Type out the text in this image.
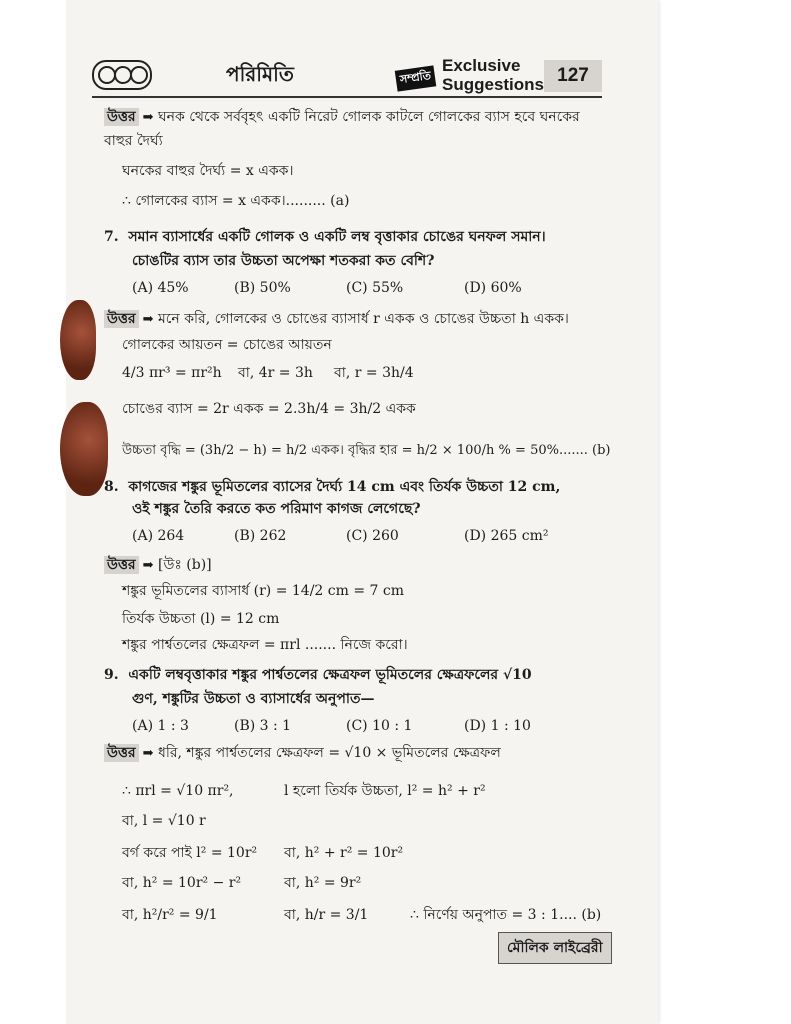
পরিমিতি	সম্প্রতি
Exclusive
Suggestions 127
উত্তর ➡ ঘনক থেকে সর্ববৃহৎ একটি নিরেট গোলক কাটলে গোলকের ব্যাস হবে ঘনকের
বাহুর দৈর্ঘ্য
ঘনকের বাহুর দৈর্ঘ্য = x একক।
∴ গোলকের ব্যাস = x একক।......... (a)
7. সমান ব্যাসার্ধের একটি গোলক ও একটি লম্ব বৃত্তাকার চোঙের ঘনফল সমান।
চোঙটির ব্যাস তার উচ্চতা অপেক্ষা শতকরা কত বেশি?
(A) 45%	(B) 50%	(C) 55%	(D) 60%
উত্তর ➡ মনে করি, গোলকের ও চোঙের ব্যাসার্ধ r একক ও চোঙের উচ্চতা h একক।
গোলকের আয়তন = চোঙের আয়তন
4/3 πr³ = πr²h বা, 4r = 3h বা, r = 3h/4
চোঙের ব্যাস = 2r একক = 2.3h/4 = 3h/2 একক
উচ্চতা বৃদ্ধি = (3h/2 − h) = h/2 একক। বৃদ্ধির হার = h/2 × 100/h % = 50%....... (b)
8. কাগজের শঙ্কুর ভূমিতলের ব্যাসের দৈর্ঘ্য 14 cm এবং তির্যক উচ্চতা 12 cm,
ওই শঙ্কুর তৈরি করতে কত পরিমাণ কাগজ লেগেছে?
(A) 264	(B) 262	(C) 260	(D) 265 cm²
উত্তর ➡ [উঃ (b)]
শঙ্কুর ভূমিতলের ব্যাসার্ধ (r) = 14/2 cm = 7 cm
তির্যক উচ্চতা (l) = 12 cm
শঙ্কুর পার্শ্বতলের ক্ষেত্রফল = πrl ....... নিজে করো।
9. একটি লম্ববৃত্তাকার শঙ্কুর পার্শ্বতলের ক্ষেত্রফল ভূমিতলের ক্ষেত্রফলের √10
গুণ, শঙ্কুটির উচ্চতা ও ব্যাসার্ধের অনুপাত—
(A) 1 : 3	(B) 3 : 1	(C) 10 : 1	(D) 1 : 10
উত্তর ➡ ধরি, শঙ্কুর পার্শ্বতলের ক্ষেত্রফল = √10 × ভূমিতলের ক্ষেত্রফল
∴ πrl = √10 πr²,	l হলো তির্যক উচ্চতা, l² = h² + r²
বা, l = √10 r
বর্গ করে পাই l² = 10r² বা, h² + r² = 10r²
বা, h² = 10r² − r²	বা, h² = 9r²
বা, h²/r² = 9/1	বা, h/r = 3/1	∴ নির্ণেয় অনুপাত = 3 : 1.... (b)
মৌলিক লাইব্রেরী
